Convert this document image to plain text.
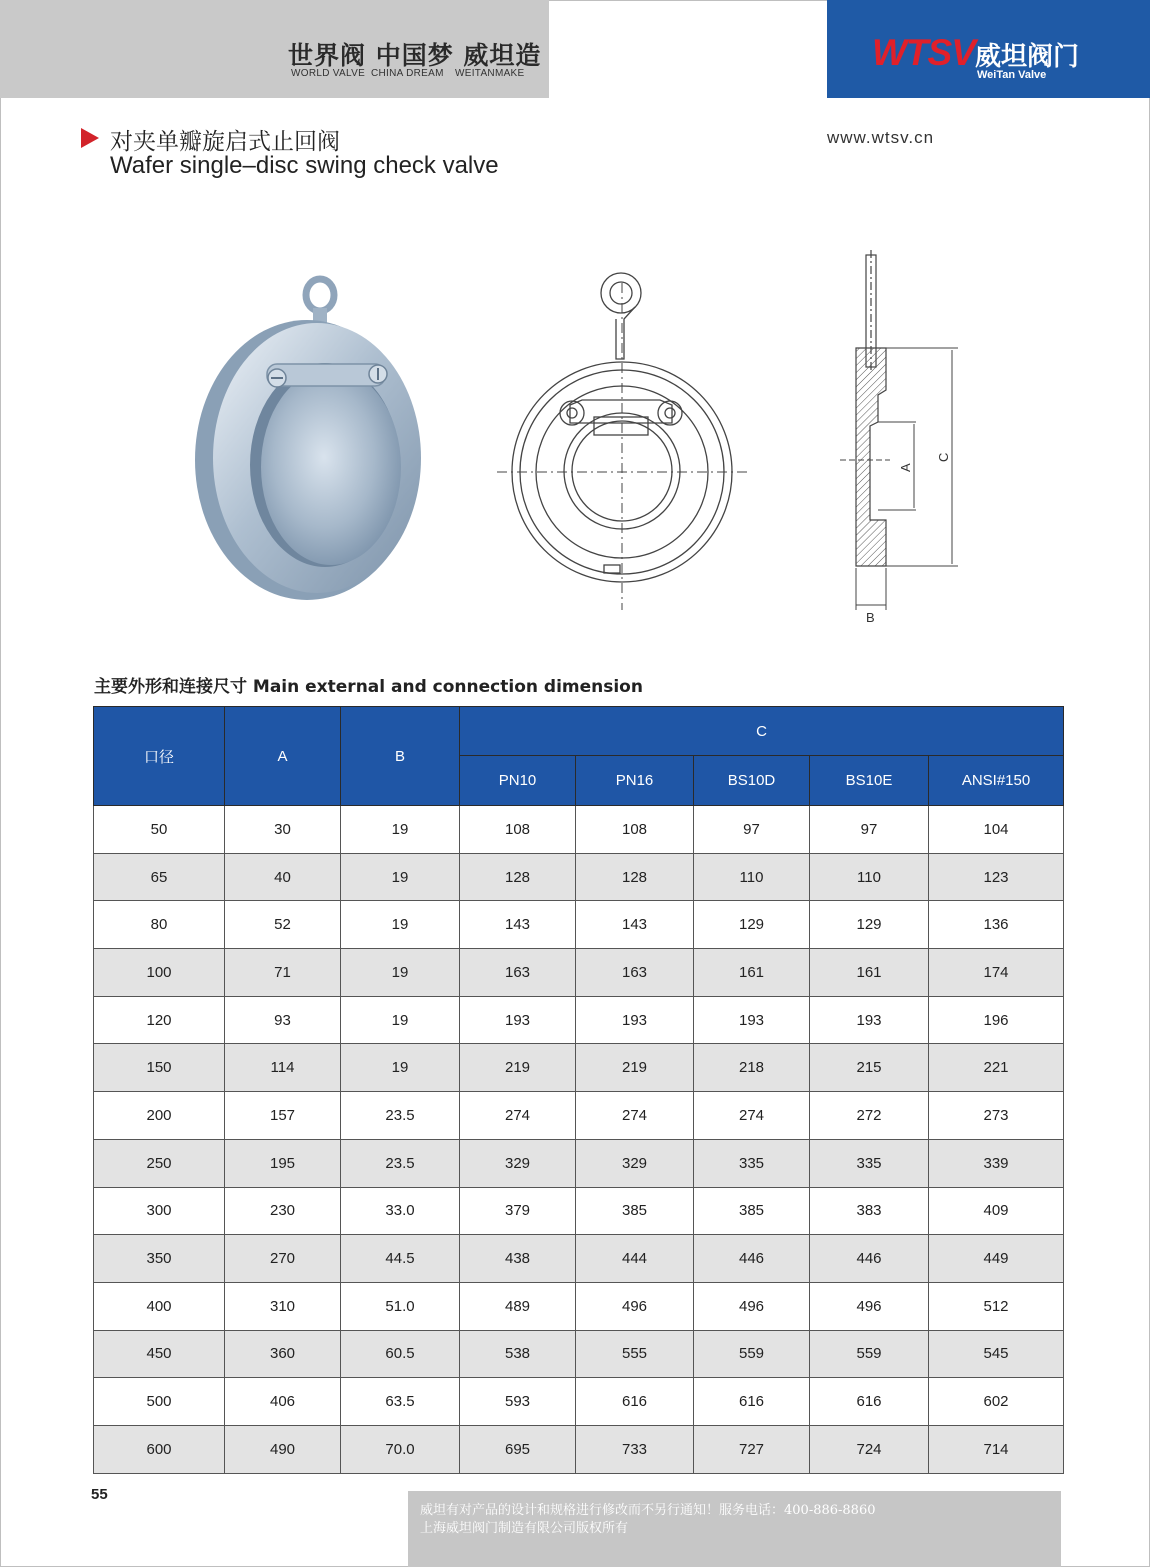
世界阀 中国梦 威坦造
WORLD VALVE CHINA DREAM WEITANMAKE
WTSV 威坦阀门
WeiTan Valve
对夹单瓣旋启式止回阀
Wafer single–disc swing check valve
www.wtsv.cn
A
C
B
主要外形和连接尺寸 Main external and connection dimension
口径	A	B	C				
			PN10	PN16	BS10D	BS10E	ANSI#150
50	30	19	108	108	97	97	104
65	40	19	128	128	110	110	123
80	52	19	143	143	129	129	136
100	71	19	163	163	161	161	174
120	93	19	193	193	193	193	196
150	114	19	219	219	218	215	221
200	157	23.5	274	274	274	272	273
250	195	23.5	329	329	335	335	339
300	230	33.0	379	385	385	383	409
350	270	44.5	438	444	446	446	449
400	310	51.0	489	496	496	496	512
450	360	60.5	538	555	559	559	545
500	406	63.5	593	616	616	616	602
600	490	70.0	695	733	727	724	714
55
威坦有对产品的设计和规格进行修改而不另行通知！服务电话：400-886-8860
上海威坦阀门制造有限公司版权所有
